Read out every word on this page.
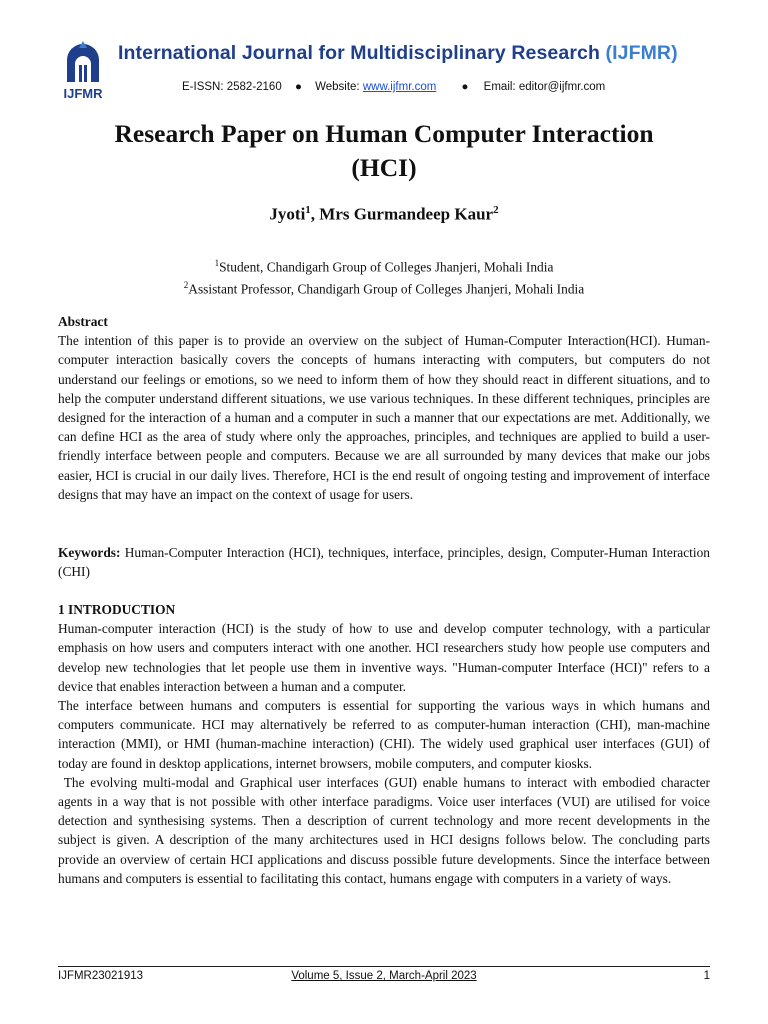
IJFMR
International Journal for Multidisciplinary Research (IJFMR)
E-ISSN: 2582-2160 ● Website: www.ijfmr.com ● Email: editor@ijfmr.com
Research Paper on Human Computer Interaction
(HCI)
Jyoti$^1$, Mrs Gurmandeep Kaur$^2$
$^1$Student, Chandigarh Group of Colleges Jhanjeri, Mohali India
$^2$Assistant Professor, Chandigarh Group of Colleges Jhanjeri, Mohali India
Abstract

The intention of this paper is to provide an overview on the subject of Human-Computer Interaction(HCI). Human-computer interaction basically covers the concepts of humans interacting with computers, but computers do not understand our feelings or emotions, so we need to inform them of how they should react in different situations, and to help the computer understand different situations, we use various techniques. In these different techniques, principles are designed for the interaction of a human and a computer in such a manner that our expectations are met. Additionally, we can define HCI as the area of study where only the approaches, principles, and techniques are applied to build a user-friendly interface between people and computers. Because we are all surrounded by many devices that make our jobs easier, HCI is crucial in our daily lives. Therefore, HCI is the end result of ongoing testing and improvement of interface designs that may have an impact on the context of usage for users.

Keywords: Human-Computer Interaction (HCI), techniques, interface, principles, design, Computer-Human Interaction (CHI)

1 INTRODUCTION

Human-computer interaction (HCI) is the study of how to use and develop computer technology, with a particular emphasis on how users and computers interact with one another. HCI researchers study how people use computers and develop new technologies that let people use them in inventive ways. "Human-computer Interface (HCI)" refers to a device that enables interaction between a human and a computer.

The interface between humans and computers is essential for supporting the various ways in which humans and computers communicate. HCI may alternatively be referred to as computer-human interaction (CHI), man-machine interaction (MMI), or HMI (human-machine interaction) (CHI). The widely used graphical user interfaces (GUI) of today are found in desktop applications, internet browsers, mobile computers, and computer kiosks.

The evolving multi-modal and Graphical user interfaces (GUI) enable humans to interact with embodied character agents in a way that is not possible with other interface paradigms. Voice user interfaces (VUI) are utilised for voice detection and synthesising systems. Then a description of current technology and more recent developments in the subject is given. A description of the many architectures used in HCI designs follows below. The concluding parts provide an overview of certain HCI applications and discuss possible future developments. Since the interface between humans and computers is essential to facilitating this contact, humans engage with computers in a variety of ways.

IJFMR23021913	Volume 5, Issue 2, March-April 2023	1
